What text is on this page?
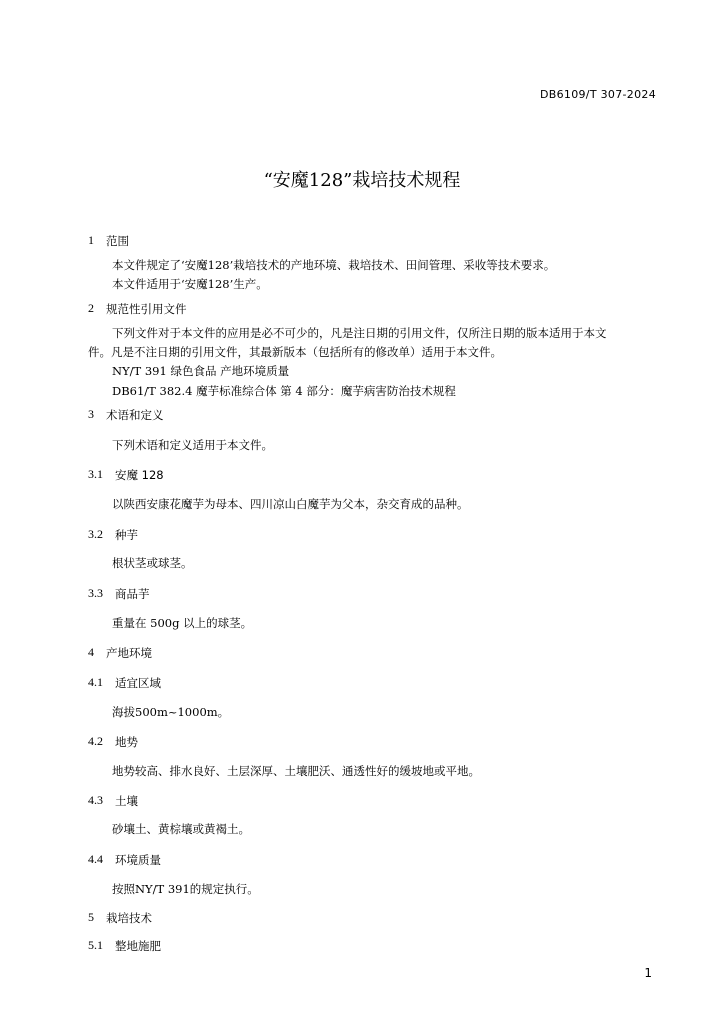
DB6109/T 307-2024
“安魔128”栽培技术规程
1 范围
本文件规定了‘安魔128’栽培技术的产地环境、栽培技术、田间管理、采收等技术要求。
本文件适用于‘安魔128’生产。
2 规范性引用文件
下列文件对于本文件的应用是必不可少的，凡是注日期的引用文件，仅所注日期的版本适用于本文
件。凡是不注日期的引用文件，其最新版本（包括所有的修改单）适用于本文件。
NY/T 391 绿色食品 产地环境质量
DB61/T 382.4 魔芋标准综合体 第 4 部分：魔芋病害防治技术规程
3 术语和定义
下列术语和定义适用于本文件。
3.1 安魔 128
以陕西安康花魔芋为母本、四川凉山白魔芋为父本，杂交育成的品种。
3.2 种芋
根状茎或球茎。
3.3 商品芋
重量在 500g 以上的球茎。
4 产地环境
4.1 适宜区域
海拔500m~1000m。
4.2 地势
地势较高、排水良好、土层深厚、土壤肥沃、通透性好的缓坡地或平地。
4.3 土壤
砂壤土、黄棕壤或黄褐土。
4.4 环境质量
按照NY/T 391的规定执行。
5 栽培技术
5.1 整地施肥
1
